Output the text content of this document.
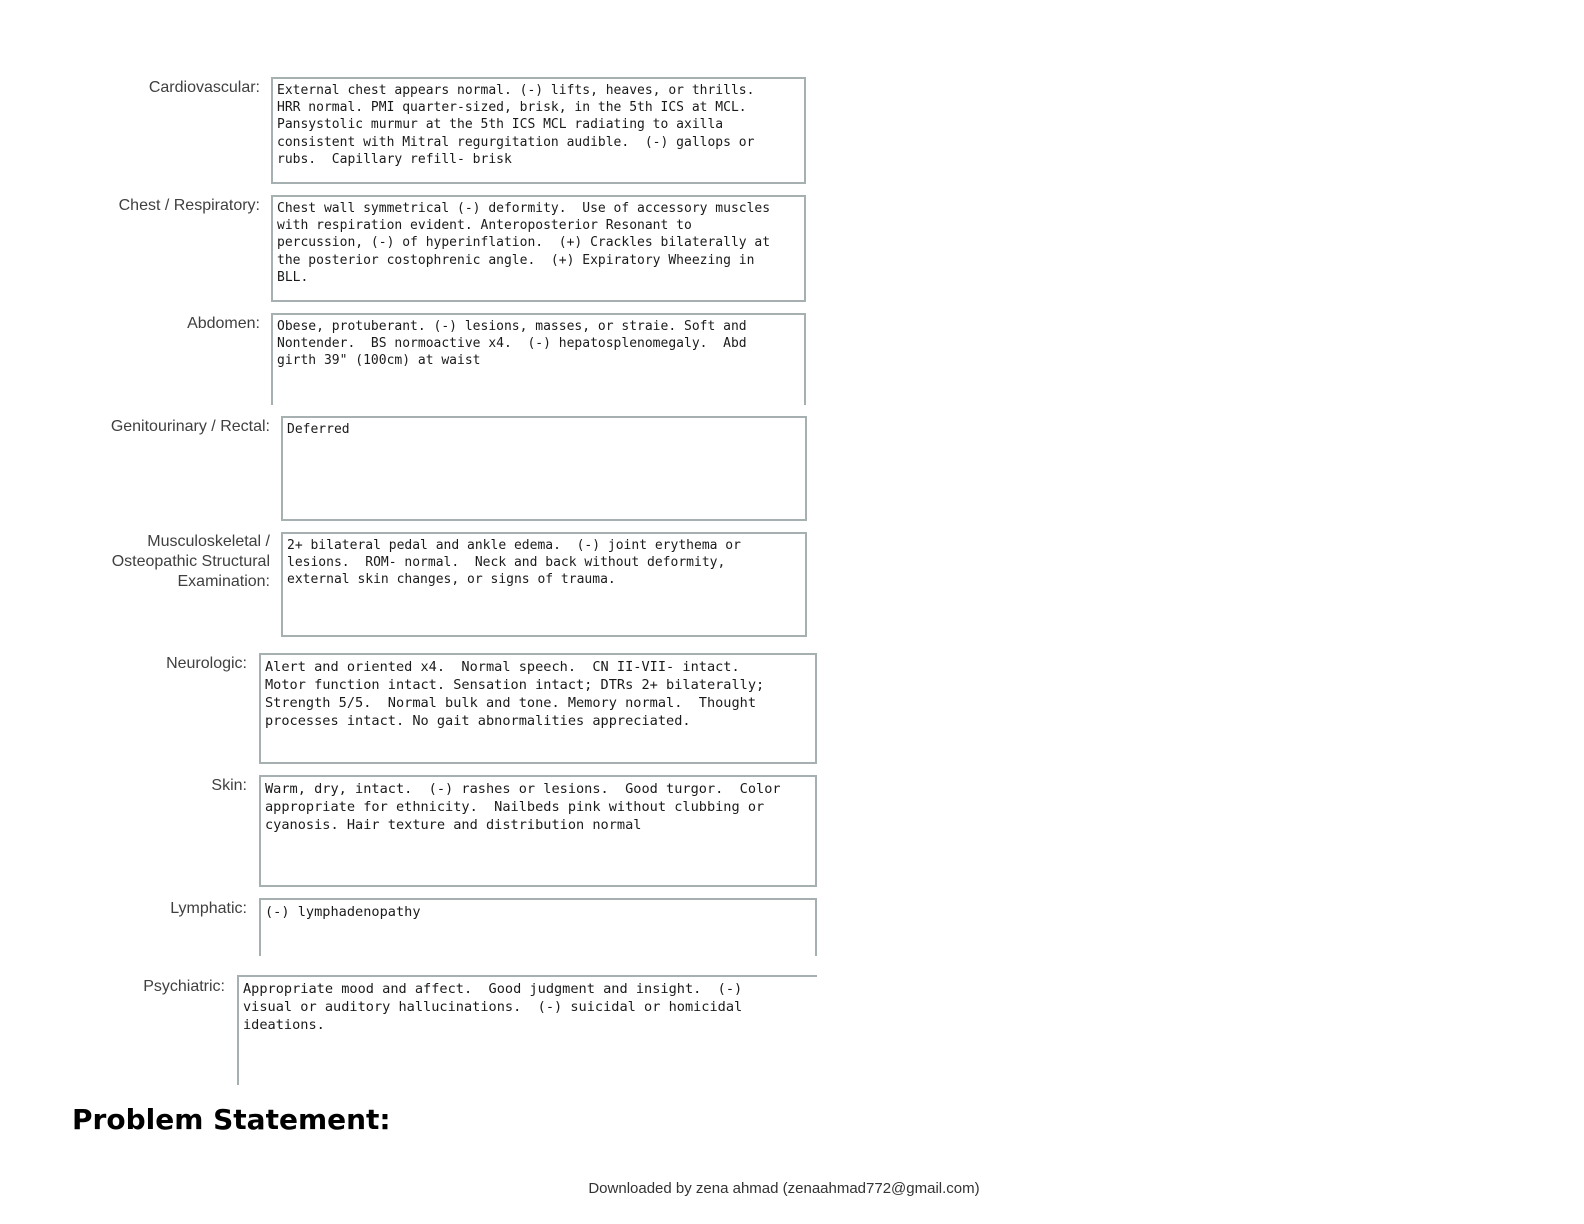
Cardiovascular:	External chest appears normal. (-) lifts, heaves, or thrills.
HRR normal. PMI quarter-sized, brisk, in the 5th ICS at MCL.
Pansystolic murmur at the 5th ICS MCL radiating to axilla
consistent with Mitral regurgitation audible.  (-) gallops or
rubs.  Capillary refill- brisk
Chest / Respiratory:	Chest wall symmetrical (-) deformity.  Use of accessory muscles
with respiration evident. Anteroposterior Resonant to
percussion, (-) of hyperinflation.  (+) Crackles bilaterally at
the posterior costophrenic angle.  (+) Expiratory Wheezing in
BLL.
Abdomen:	Obese, protuberant. (-) lesions, masses, or straie. Soft and
Nontender.  BS normoactive x4.  (-) hepatosplenomegaly.  Abd
girth 39" (100cm) at waist
Genitourinary / Rectal:	Deferred
Musculoskeletal /
Osteopathic Structural
Examination:
2+ bilateral pedal and ankle edema.  (-) joint erythema or
lesions.  ROM- normal.  Neck and back without deformity,
external skin changes, or signs of trauma.
Neurologic:	Alert and oriented x4.  Normal speech.  CN II-VII- intact.
Motor function intact. Sensation intact; DTRs 2+ bilaterally;
Strength 5/5.  Normal bulk and tone. Memory normal.  Thought
processes intact. No gait abnormalities appreciated.
Skin:	Warm, dry, intact.  (-) rashes or lesions.  Good turgor.  Color
appropriate for ethnicity.  Nailbeds pink without clubbing or
cyanosis. Hair texture and distribution normal
Lymphatic:	(-) lymphadenopathy
Psychiatric:	Appropriate mood and affect.  Good judgment and insight.  (-)
visual or auditory hallucinations.  (-) suicidal or homicidal
ideations.
Problem Statement:
Downloaded by zena ahmad (zenaahmad772@gmail.com)
